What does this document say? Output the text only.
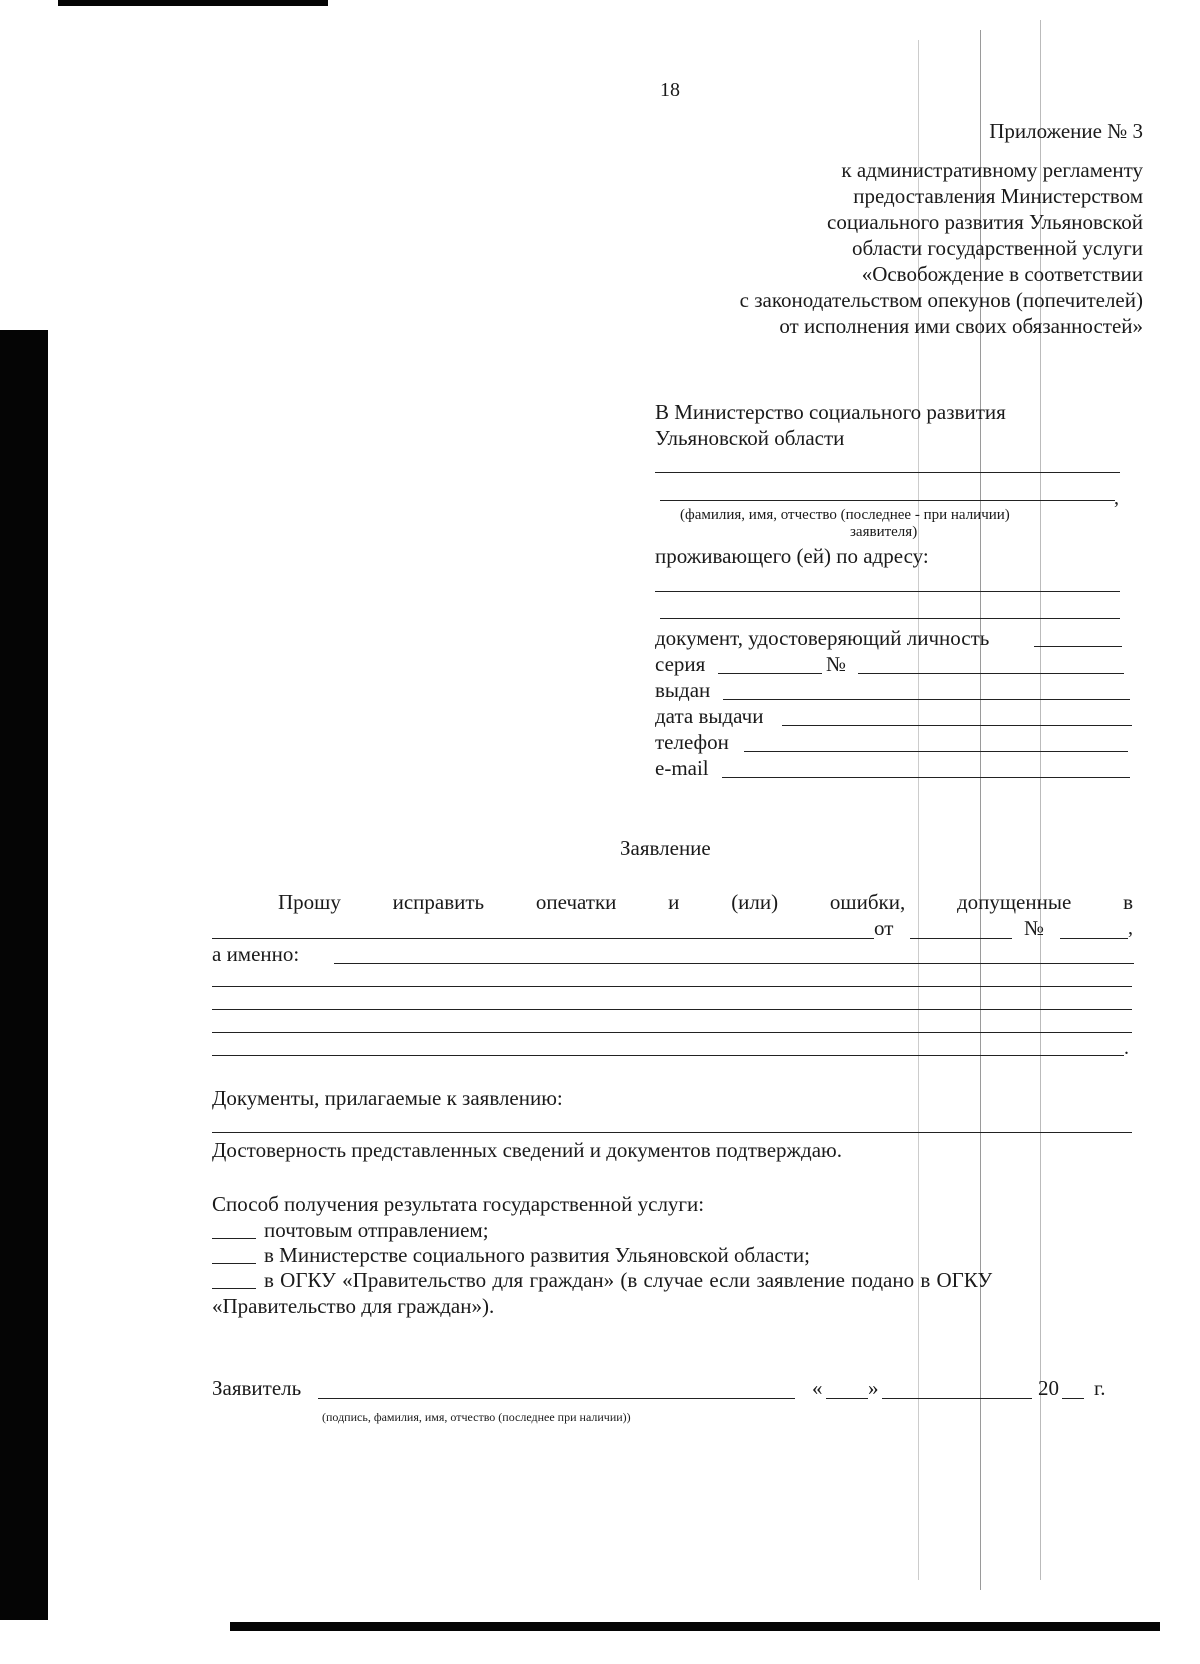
18
Приложение № 3
к административному регламенту
предоставления Министерством
социального развития Ульяновской
области государственной услуги
«Освобождение в соответствии
с законодательством опекунов (попечителей)
от исполнения ими своих обязанностей»
В Министерство социального развития
Ульяновской области
,
(фамилия, имя, отчество (последнее - при наличии)
заявителя)
проживающего (ей) по адресу:
документ, удостоверяющий личность
серия	№
выдан
дата выдачи
телефон
e-mail
Заявление
Прошу исправить опечатки и (или) ошибки, допущенные в
от	№	,
а именно:
.
Документы, прилагаемые к заявлению:
Достоверность представленных сведений и документов подтверждаю.
Способ получения результата государственной услуги:
почтовым отправлением;
в Министерстве социального развития Ульяновской области;
в ОГКУ «Правительство для граждан» (в случае если заявление подано в ОГКУ
«Правительство для граждан»).
Заявитель	« »	20 г.
(подпись, фамилия, имя, отчество (последнее при наличии))
